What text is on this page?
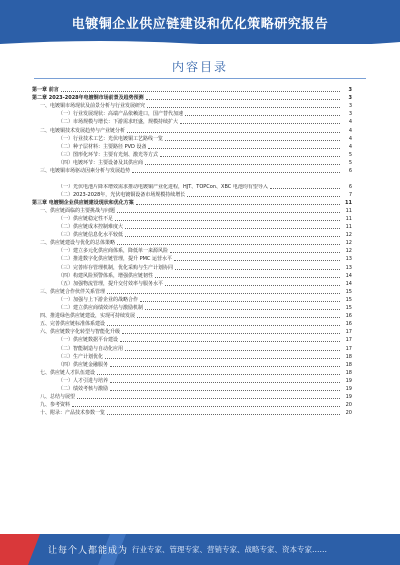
电镀铜企业供应链建设和优化策略研究报告
内容目录
第一章 前言	3
第二章 2023-2028年电镀铜市场前景及趋势预测	3
一、电镀铜市场现状及前景分析与行业发展研究	3
（一）行业发展现状：高端产品依赖进口，国产替代加速	3
（二）市场规模与增长：下游需求旺盛，规模持续扩大	4
二、电镀铜技术发展趋势与产业链分析	4
（一）行业技术工艺：光伏电镀铜工艺路线一览	4
（二）种子层材料：主要路径 PVD 设备	4
（三）图形化环节：主要有光刻、激光等方式	5
（四）电镀环节：主要设备及其供应商	5
三、电镀铜市场驱动因素分析与发展趋势	6
（一）光伏电池片降本增效需求推动电镀铜产业化进程，HJT、TOPCon、XBC 电池均有望导入	6
（二）2023-2028年，光伏电镀铜设备市场规模持续增长	7
第三章 电镀铜企业供应链建设现状和优化方案	11
一、供应链面临的主要挑战与问题	11
（一）供应链稳定性不足	11
（二）供应链成本控制难度大	11
（三）供应链信息化水平较低	12
二、供应链建设与优化的总体策略	12
（一）建立多元化供应商体系，降低单一来源风险	12
（二）推进数字化供应链管理，提升 PMC 运营水平	13
（三）完善库存管理机制，优化采购与生产计划协同	13
（四）构建风险预警体系，增强供应链韧性	14
（五）加强物流管理，提升交付效率与服务水平	14
三、供应链合作伙伴关系管理	15
（一）加强与上下游企业的战略合作	15
（二）建立供应商绩效评估与激励机制	15
四、推进绿色供应链建设，实现可持续发展	16
五、完善供应链标准体系建设	16
六、供应链数字化转型与智能化升级	17
（一）供应链数据平台建设	17
（二）智能制造与自动化应用	17
（三）生产计划优化	18
（四）供应链金融服务	18
七、供应链人才队伍建设	18
（一）人才引进与培养	19
（二）绩效考核与激励	19
八、总结与展望	19
九、参考资料	20
十、附录：产品技术参数一览	20
让每个人都能成为 行业专家、管理专家、营销专家、战略专家、资本专家……
